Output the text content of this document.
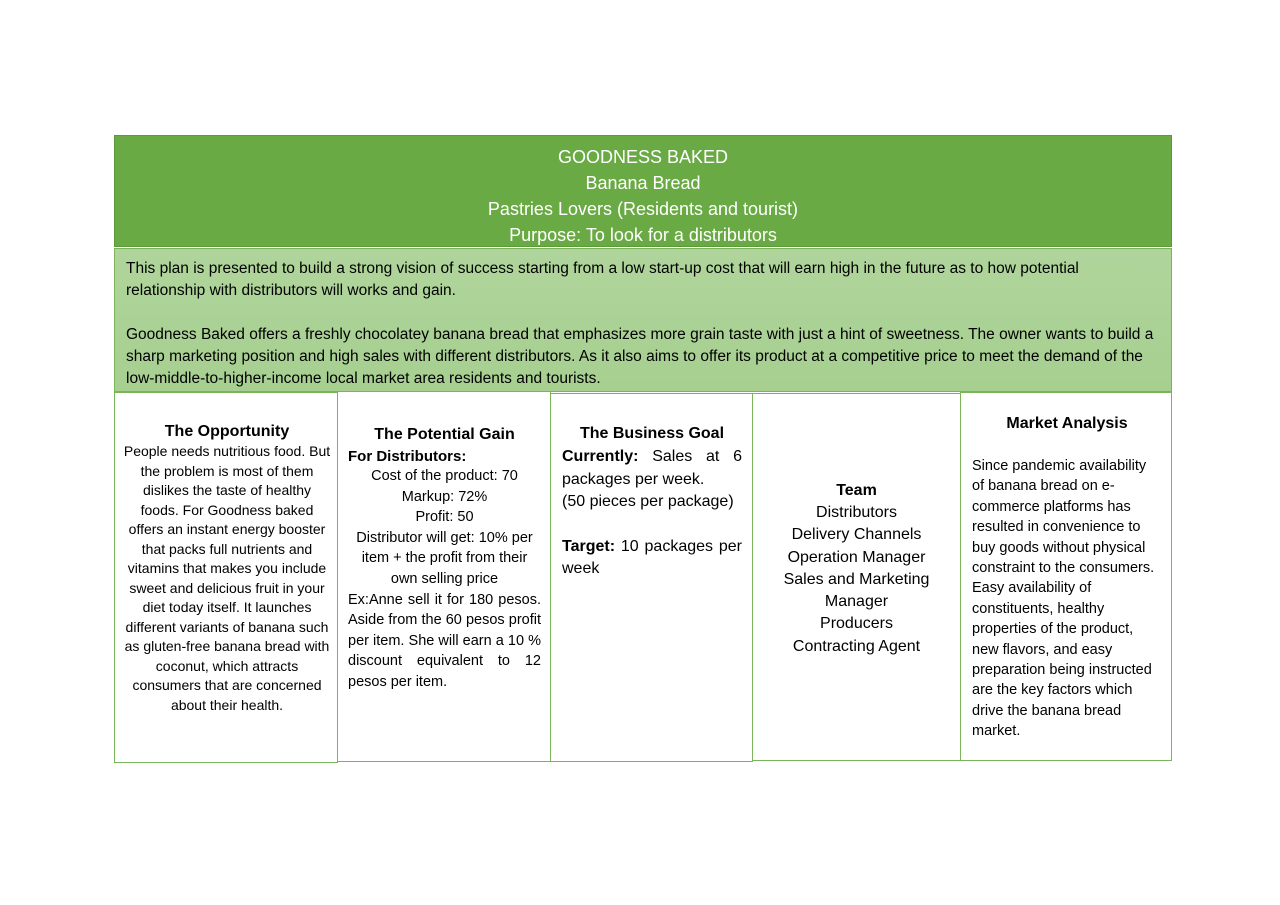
GOODNESS BAKED
Banana Bread
Pastries Lovers (Residents and tourist)
Purpose: To look for a distributors

This plan is presented to build a strong vision of success starting from a low start-up cost that will earn high in the future as to how potential relationship with distributors will works and gain.

Goodness Baked offers a freshly chocolatey banana bread that emphasizes more grain taste with just a hint of sweetness. The owner wants to build a sharp marketing position and high sales with different distributors. As it also aims to offer its product at a competitive price to meet the demand of the low-middle-to-higher-income local market area residents and tourists.

The Opportunity
People needs nutritious food. But the problem is most of them dislikes the taste of healthy foods. For Goodness baked offers an instant energy booster that packs full nutrients and vitamins that makes you include sweet and delicious fruit in your diet today itself. It launches different variants of banana such as gluten-free banana bread with coconut, which attracts consumers that are concerned about their health.
The Potential Gain
For Distributors:
Cost of the product: 70
Markup: 72%
Profit: 50
Distributor will get: 10% per item + the profit from their own selling price
Ex:Anne sell it for 180 pesos. Aside from the 60 pesos profit per item. She will earn a 10 % discount equivalent to 12 pesos per item.
The Business Goal
Currently: Sales at 6 packages per week.
(50 pieces per package)
Target: 10 packages per week
Team
Distributors
Delivery Channels
Operation Manager
Sales and Marketing Manager
Producers
Contracting Agent
Market Analysis
Since pandemic availability of banana bread on e-commerce platforms has resulted in convenience to buy goods without physical constraint to the consumers. Easy availability of constituents, healthy properties of the product, new flavors, and easy preparation being instructed are the key factors which drive the banana bread market.
